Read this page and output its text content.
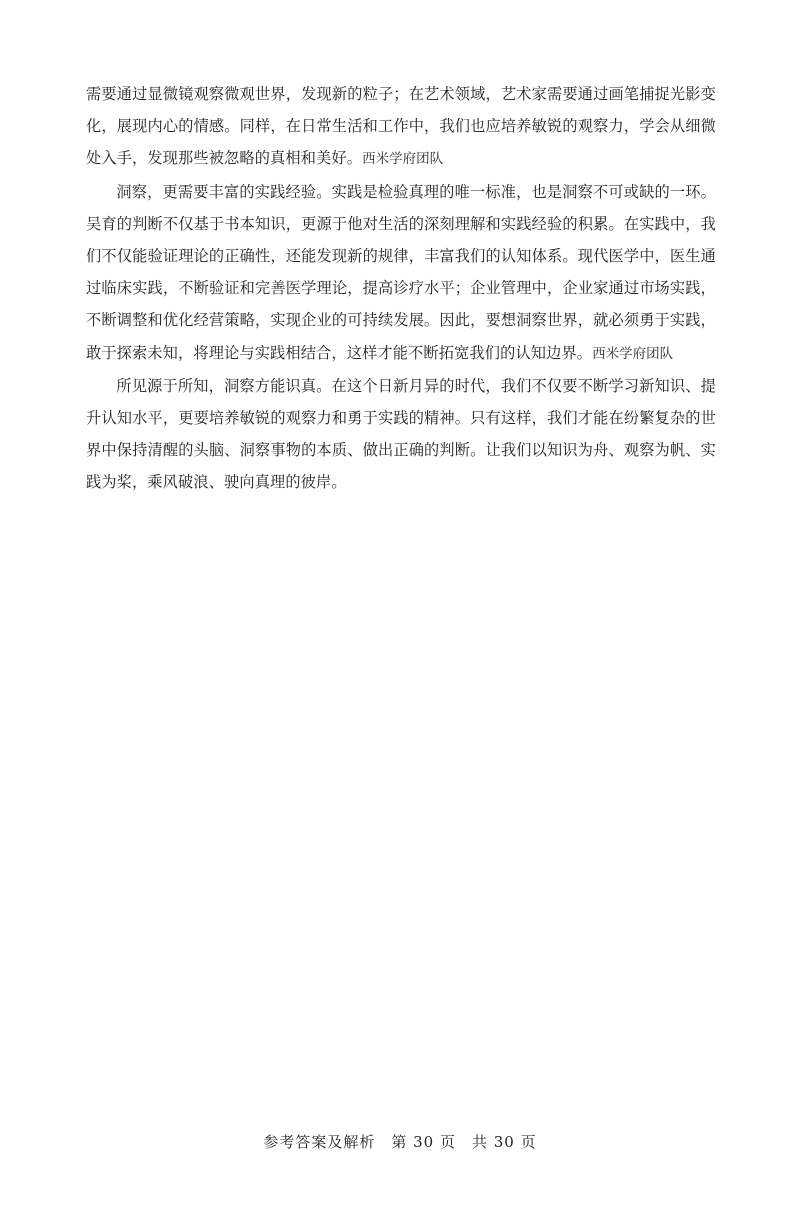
需要通过显微镜观察微观世界，发现新的粒子；在艺术领域，艺术家需要通过画笔捕捉光影变化，展现内心的情感。同样，在日常生活和工作中，我们也应培养敏锐的观察力，学会从细微处入手，发现那些被忽略的真相和美好。西米学府团队

洞察，更需要丰富的实践经验。实践是检验真理的唯一标准，也是洞察不可或缺的一环。吴育的判断不仅基于书本知识，更源于他对生活的深刻理解和实践经验的积累。在实践中，我们不仅能验证理论的正确性，还能发现新的规律，丰富我们的认知体系。现代医学中，医生通过临床实践，不断验证和完善医学理论，提高诊疗水平；企业管理中，企业家通过市场实践，不断调整和优化经营策略，实现企业的可持续发展。因此，要想洞察世界，就必须勇于实践，敢于探索未知，将理论与实践相结合，这样才能不断拓宽我们的认知边界。西米学府团队

所见源于所知，洞察方能识真。在这个日新月异的时代，我们不仅要不断学习新知识、提升认知水平，更要培养敏锐的观察力和勇于实践的精神。只有这样，我们才能在纷繁复杂的世界中保持清醒的头脑、洞察事物的本质、做出正确的判断。让我们以知识为舟、观察为帆、实践为桨，乘风破浪、驶向真理的彼岸。

参考答案及解析 第 30 页 共 30 页
